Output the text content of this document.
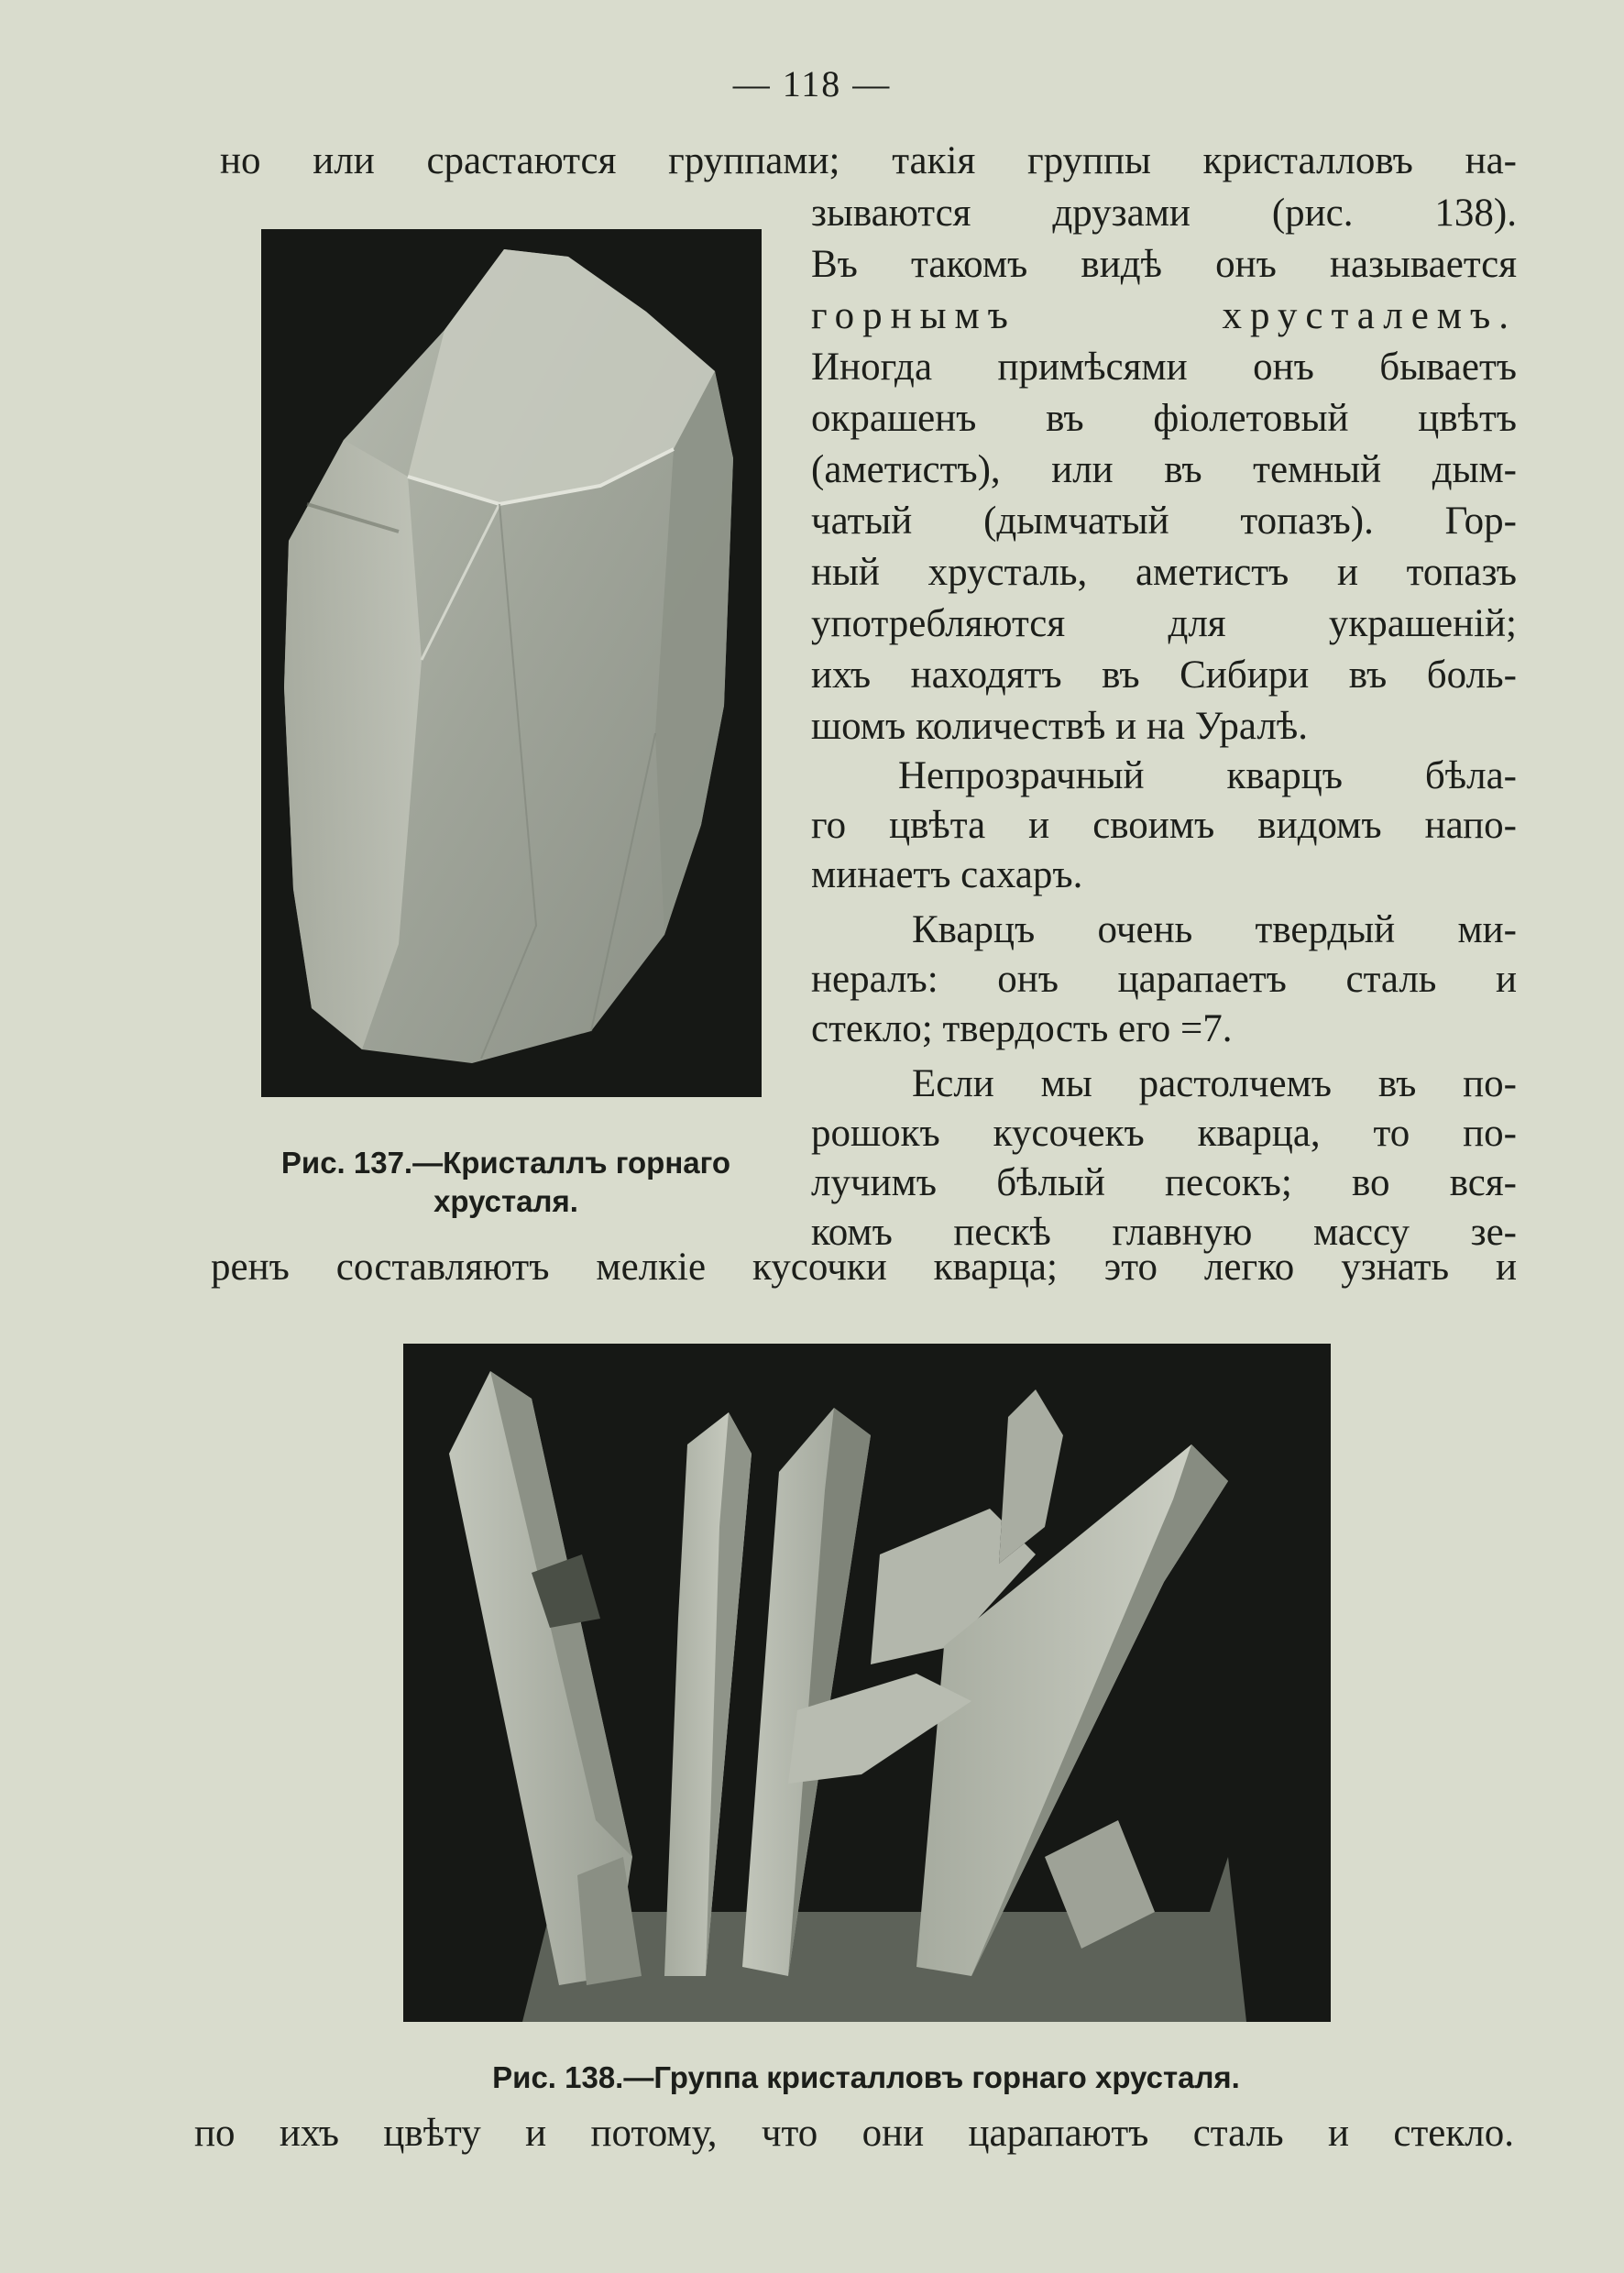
— 118 —
но или срастаются группами; такія группы кристалловъ на-
зываются друзами (рис. 138).
Въ такомъ видѣ онъ называется
горнымъ хрусталемъ.
Иногда примѣсями онъ бываетъ
окрашенъ въ фіолетовый цвѣтъ
(аметистъ), или въ темный дым-
чатый (дымчатый топазъ). Гор-
ный хрусталь, аметистъ и топазъ
употребляются для украшеній;
ихъ находятъ въ Сибири въ боль-
шомъ количествѣ и на Уралѣ.
Непрозрачный кварцъ бѣла-
го цвѣта и своимъ видомъ напо-
минаетъ сахаръ.
Кварцъ очень твердый ми-
нералъ: онъ царапаетъ сталь и
стекло; твердость его =7.
Если мы растолчемъ въ по-
рошокъ кусочекъ кварца, то по-
лучимъ бѣлый песокъ; во вся-
комъ пескѣ главную массу зе-
ренъ составляютъ мелкіе кусочки кварца; это легко узнать и
Рис. 137.—Кристаллъ горнаго
хрусталя.
Рис. 138.—Группа кристалловъ горнаго хрусталя.
по ихъ цвѣту и потому, что они царапаютъ сталь и стекло.
